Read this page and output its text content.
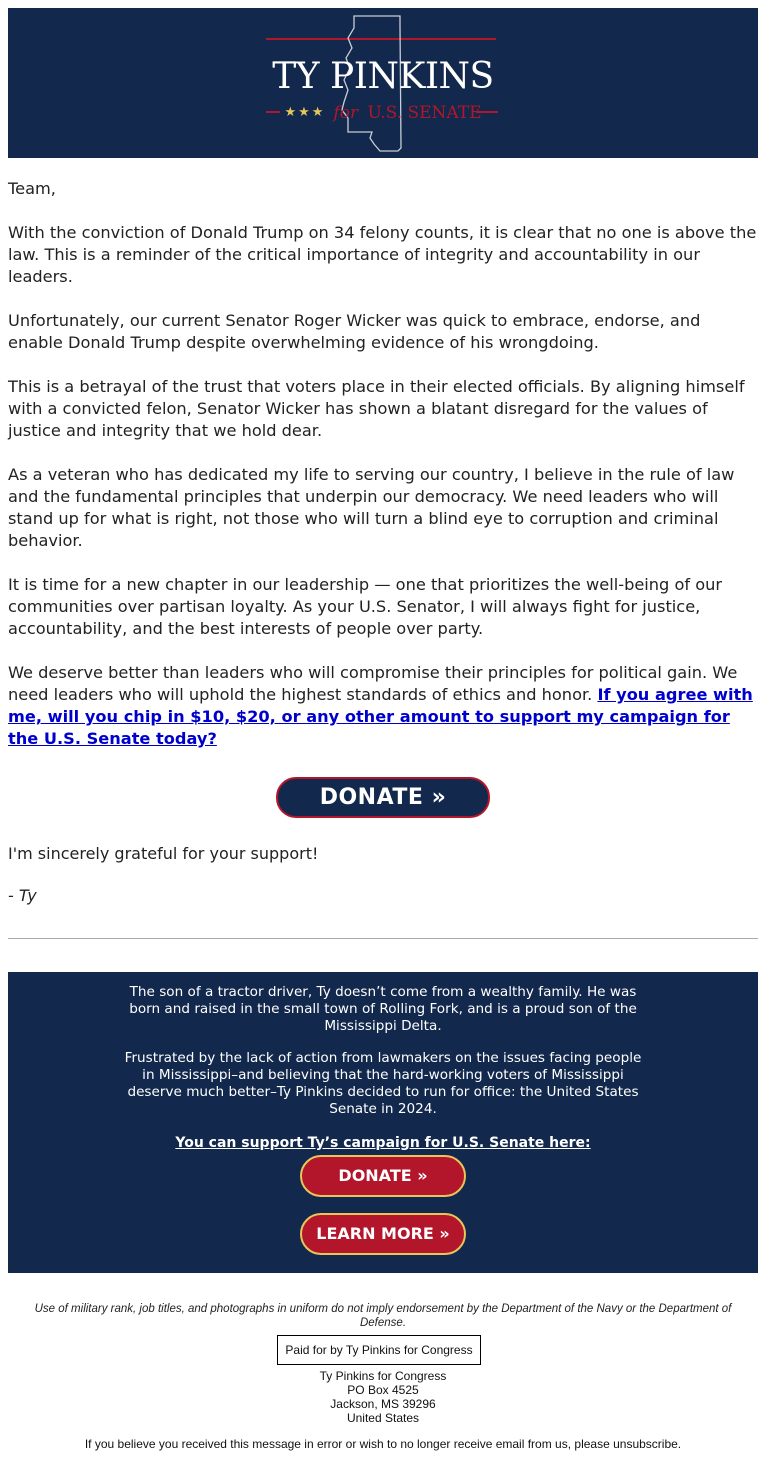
TY PINKINS
★★★ for U.S. SENATE

Team,

With the conviction of Donald Trump on 34 felony counts, it is clear that no one is above the law. This is a reminder of the critical importance of integrity and accountability in our leaders.

Unfortunately, our current Senator Roger Wicker was quick to embrace, endorse, and enable Donald Trump despite overwhelming evidence of his wrongdoing.

This is a betrayal of the trust that voters place in their elected officials. By aligning himself with a convicted felon, Senator Wicker has shown a blatant disregard for the values of justice and integrity that we hold dear.

As a veteran who has dedicated my life to serving our country, I believe in the rule of law and the fundamental principles that underpin our democracy. We need leaders who will stand up for what is right, not those who will turn a blind eye to corruption and criminal behavior.

It is time for a new chapter in our leadership — one that prioritizes the well-being of our communities over partisan loyalty. As your U.S. Senator, I will always fight for justice, accountability, and the best interests of people over party.

We deserve better than leaders who will compromise their principles for political gain. We need leaders who will uphold the highest standards of ethics and honor. If you agree with me, will you chip in $10, $20, or any other amount to support my campaign for the U.S. Senate today?

DONATE »
I'm sincerely grateful for your support!
- Ty
The son of a tractor driver, Ty doesn’t come from a wealthy family. He was born and raised in the small town of Rolling Fork, and is a proud son of the Mississippi Delta.
Frustrated by the lack of action from lawmakers on the issues facing people in Mississippi–and believing that the hard-working voters of Mississippi deserve much better–Ty Pinkins decided to run for office: the United States Senate in 2024.
You can support Ty’s campaign for U.S. Senate here:
DONATE »
LEARN MORE »
Use of military rank, job titles, and photographs in uniform do not imply endorsement by the Department of the Navy or the Department of Defense.
Paid for by Ty Pinkins for Congress
Ty Pinkins for Congress
PO Box 4525
Jackson, MS 39296
United States
If you believe you received this message in error or wish to no longer receive email from us, please unsubscribe.
